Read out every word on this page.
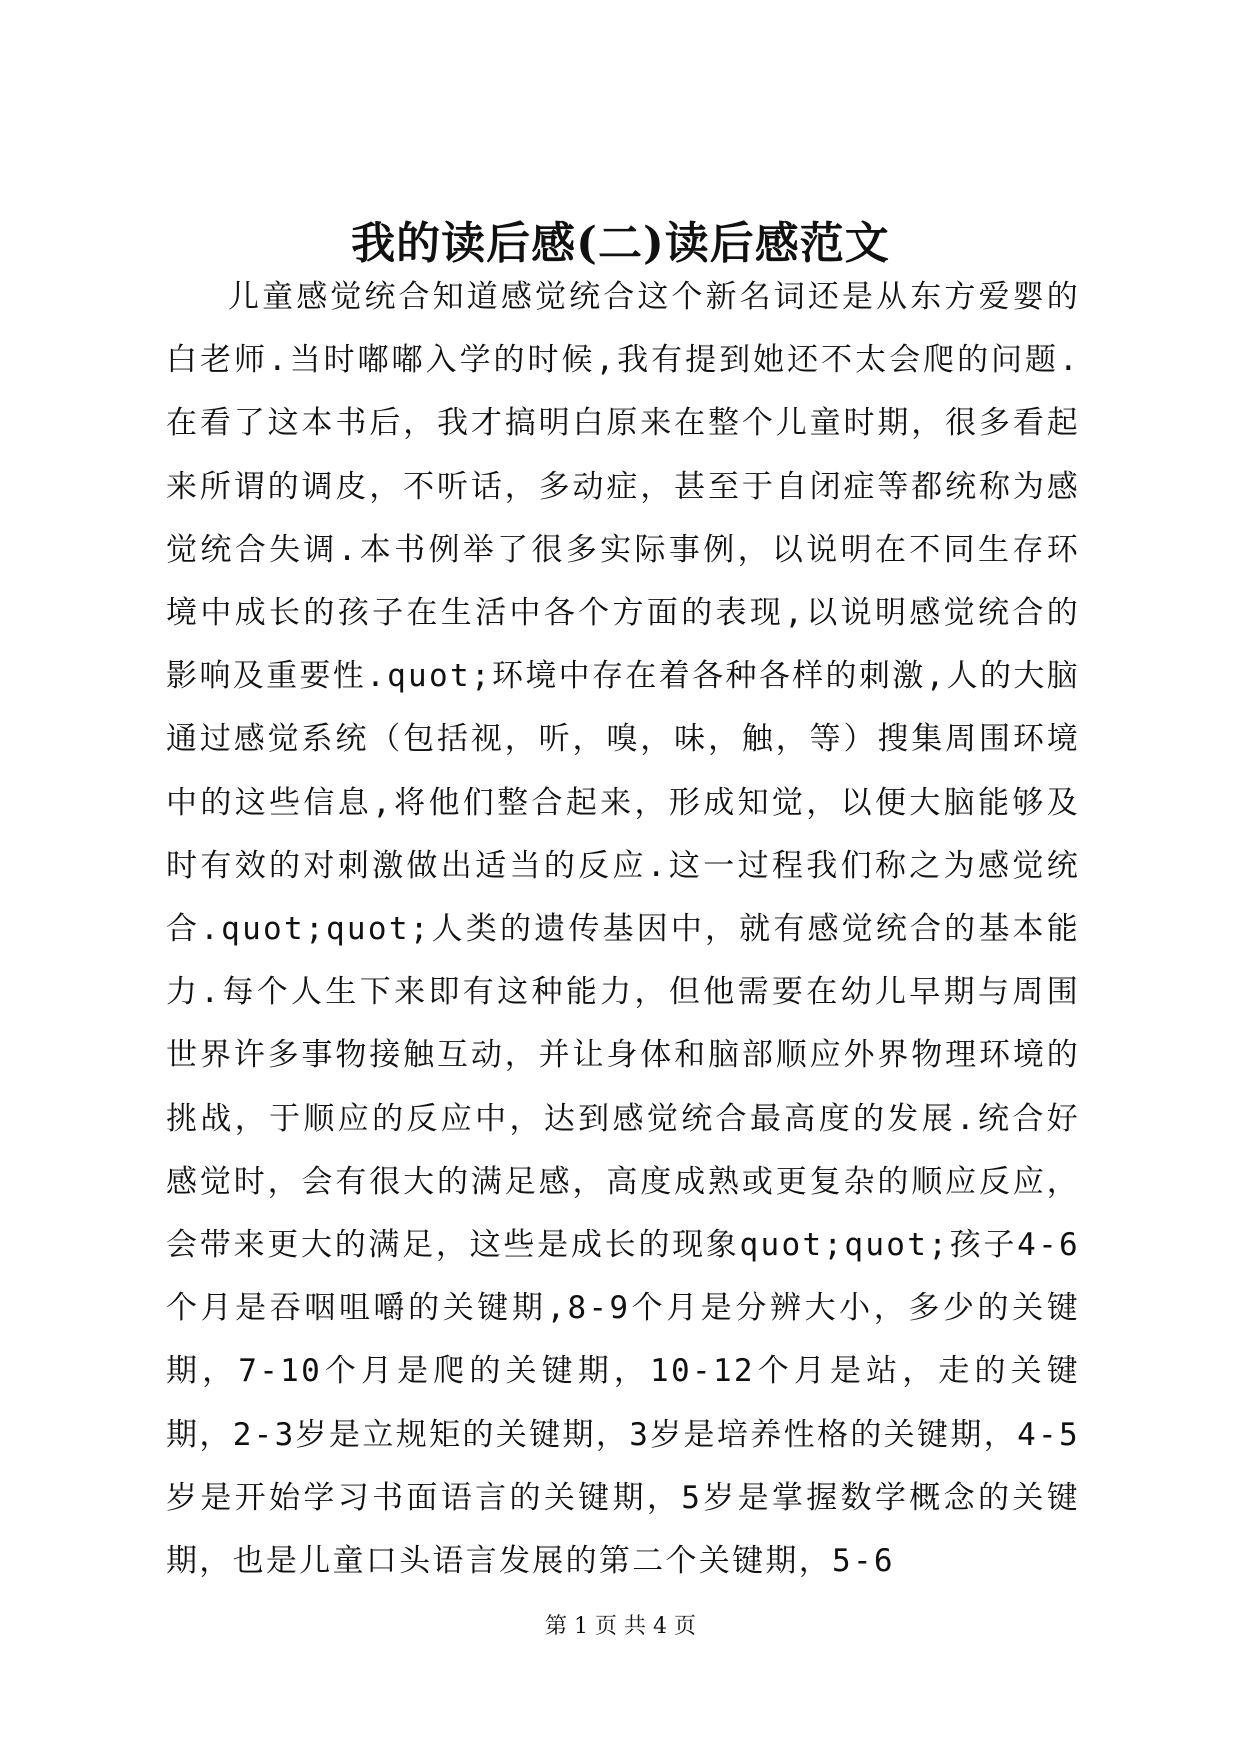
我的读后感(二)读后感范文

儿童感觉统合知道感觉统合这个新名词还是从东方爱婴的白老师.当时嘟嘟入学的时候,我有提到她还不太会爬的问题.在看了这本书后，我才搞明白原来在整个儿童时期，很多看起来所谓的调皮，不听话，多动症，甚至于自闭症等都统称为感觉统合失调.本书例举了很多实际事例，以说明在不同生存环境中成长的孩子在生活中各个方面的表现,以说明感觉统合的影响及重要性.quot;环境中存在着各种各样的刺激,人的大脑通过感觉系统（包括视，听，嗅，味，触，等）搜集周围环境中的这些信息,将他们整合起来，形成知觉，以便大脑能够及时有效的对刺激做出适当的反应.这一过程我们称之为感觉统合.quot;quot;人类的遗传基因中，就有感觉统合的基本能力.每个人生下来即有这种能力，但他需要在幼儿早期与周围世界许多事物接触互动，并让身体和脑部顺应外界物理环境的挑战，于顺应的反应中，达到感觉统合最高度的发展.统合好感觉时，会有很大的满足感，高度成熟或更复杂的顺应反应，会带来更大的满足，这些是成长的现象quot;quot;孩子4-6个月是吞咽咀嚼的关键期,8-9个月是分辨大小，多少的关键期，7-10个月是爬的关键期，10-12个月是站，走的关键期，2-3岁是立规矩的关键期，3岁是培养性格的关键期，4-5岁是开始学习书面语言的关键期，5岁是掌握数学概念的关键期，也是儿童口头语言发展的第二个关键期，5-6

第 1 页 共 4 页
